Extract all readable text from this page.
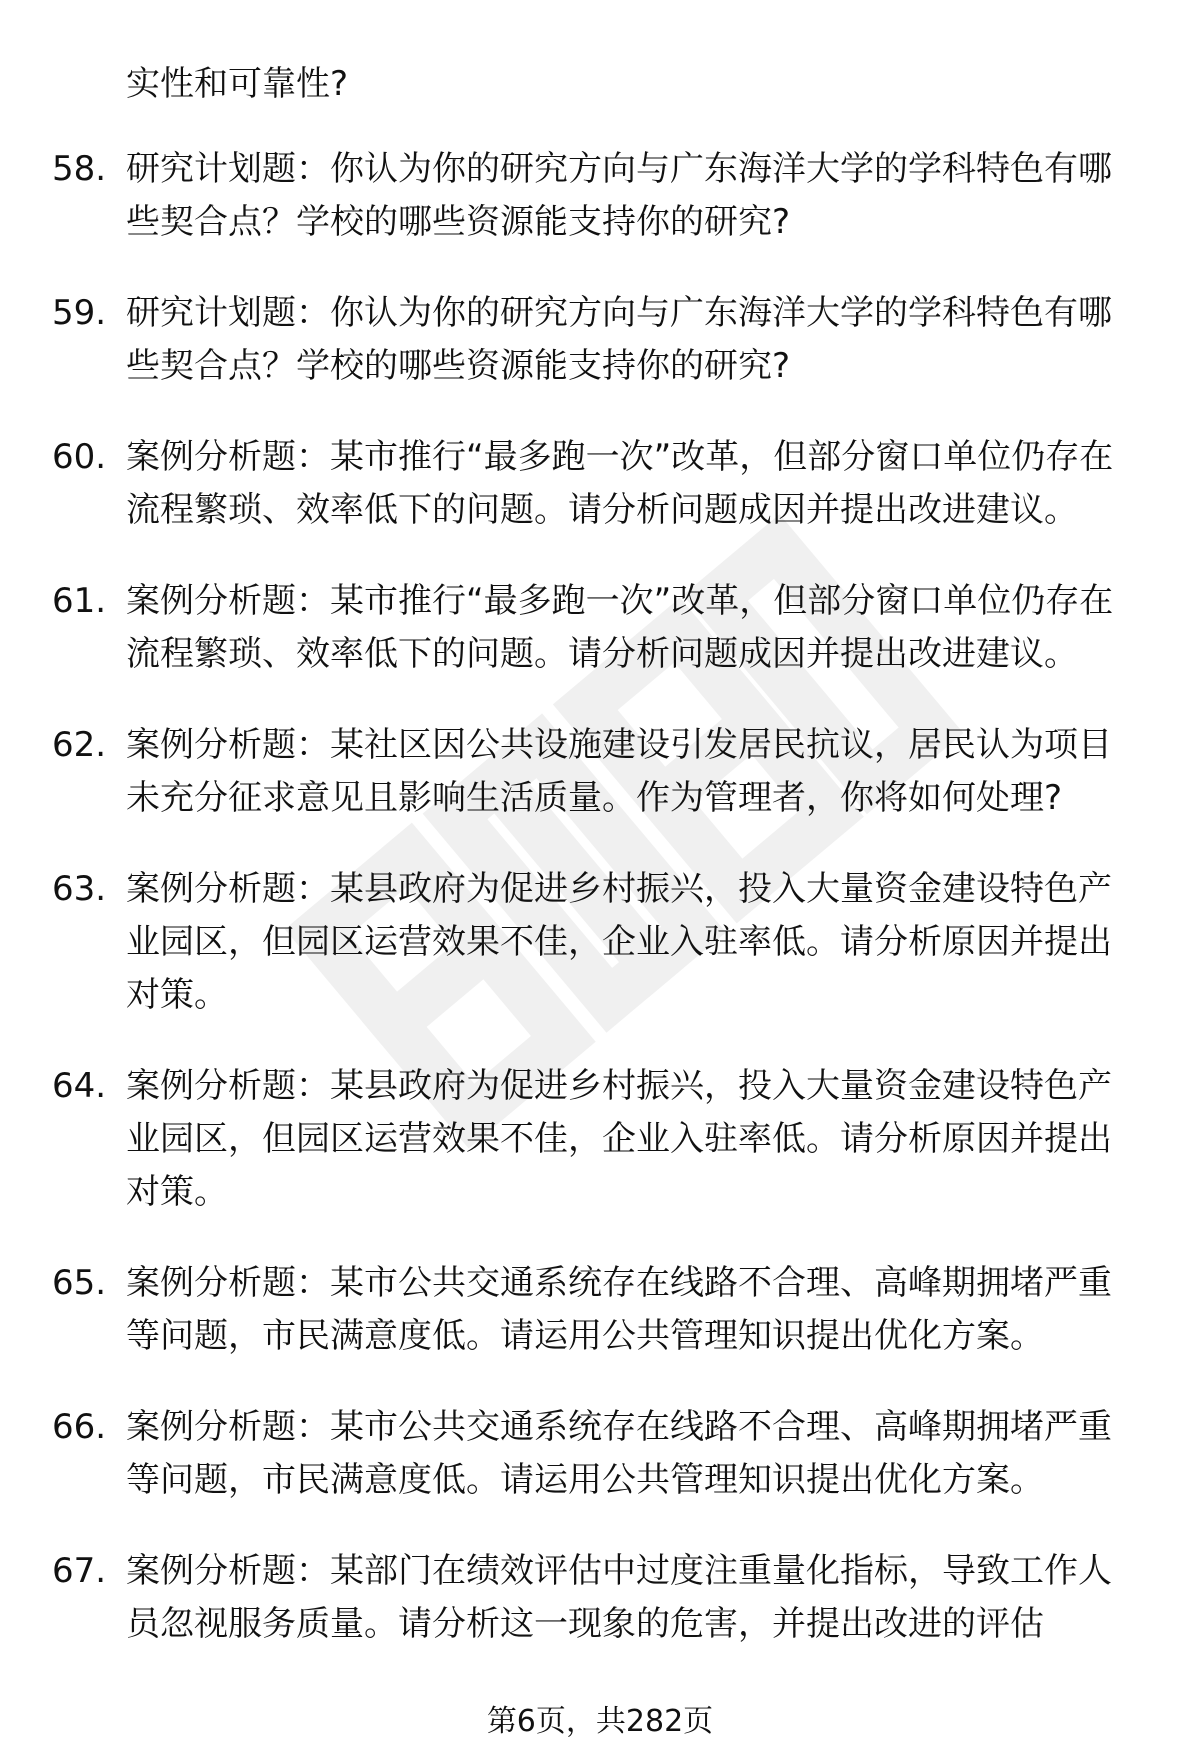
实性和可靠性?
58. 研究计划题：你认为你的研究方向与广东海洋大学的学科特色有哪些契合点？学校的哪些资源能支持你的研究?
59. 研究计划题：你认为你的研究方向与广东海洋大学的学科特色有哪些契合点？学校的哪些资源能支持你的研究?
60. 案例分析题：某市推行“最多跑一次”改革，但部分窗口单位仍存在流程繁琐、效率低下的问题。请分析问题成因并提出改进建议。
61. 案例分析题：某市推行“最多跑一次”改革，但部分窗口单位仍存在流程繁琐、效率低下的问题。请分析问题成因并提出改进建议。
62. 案例分析题：某社区因公共设施建设引发居民抗议，居民认为项目未充分征求意见且影响生活质量。作为管理者，你将如何处理?
63. 案例分析题：某县政府为促进乡村振兴，投入大量资金建设特色产业园区，但园区运营效果不佳，企业入驻率低。请分析原因并提出对策。
64. 案例分析题：某县政府为促进乡村振兴，投入大量资金建设特色产业园区，但园区运营效果不佳，企业入驻率低。请分析原因并提出对策。
65. 案例分析题：某市公共交通系统存在线路不合理、高峰期拥堵严重等问题，市民满意度低。请运用公共管理知识提出优化方案。
66. 案例分析题：某市公共交通系统存在线路不合理、高峰期拥堵严重等问题，市民满意度低。请运用公共管理知识提出优化方案。
67. 案例分析题：某部门在绩效评估中过度注重量化指标，导致工作人员忽视服务质量。请分析这一现象的危害，并提出改进的评估
第6页，共282页
